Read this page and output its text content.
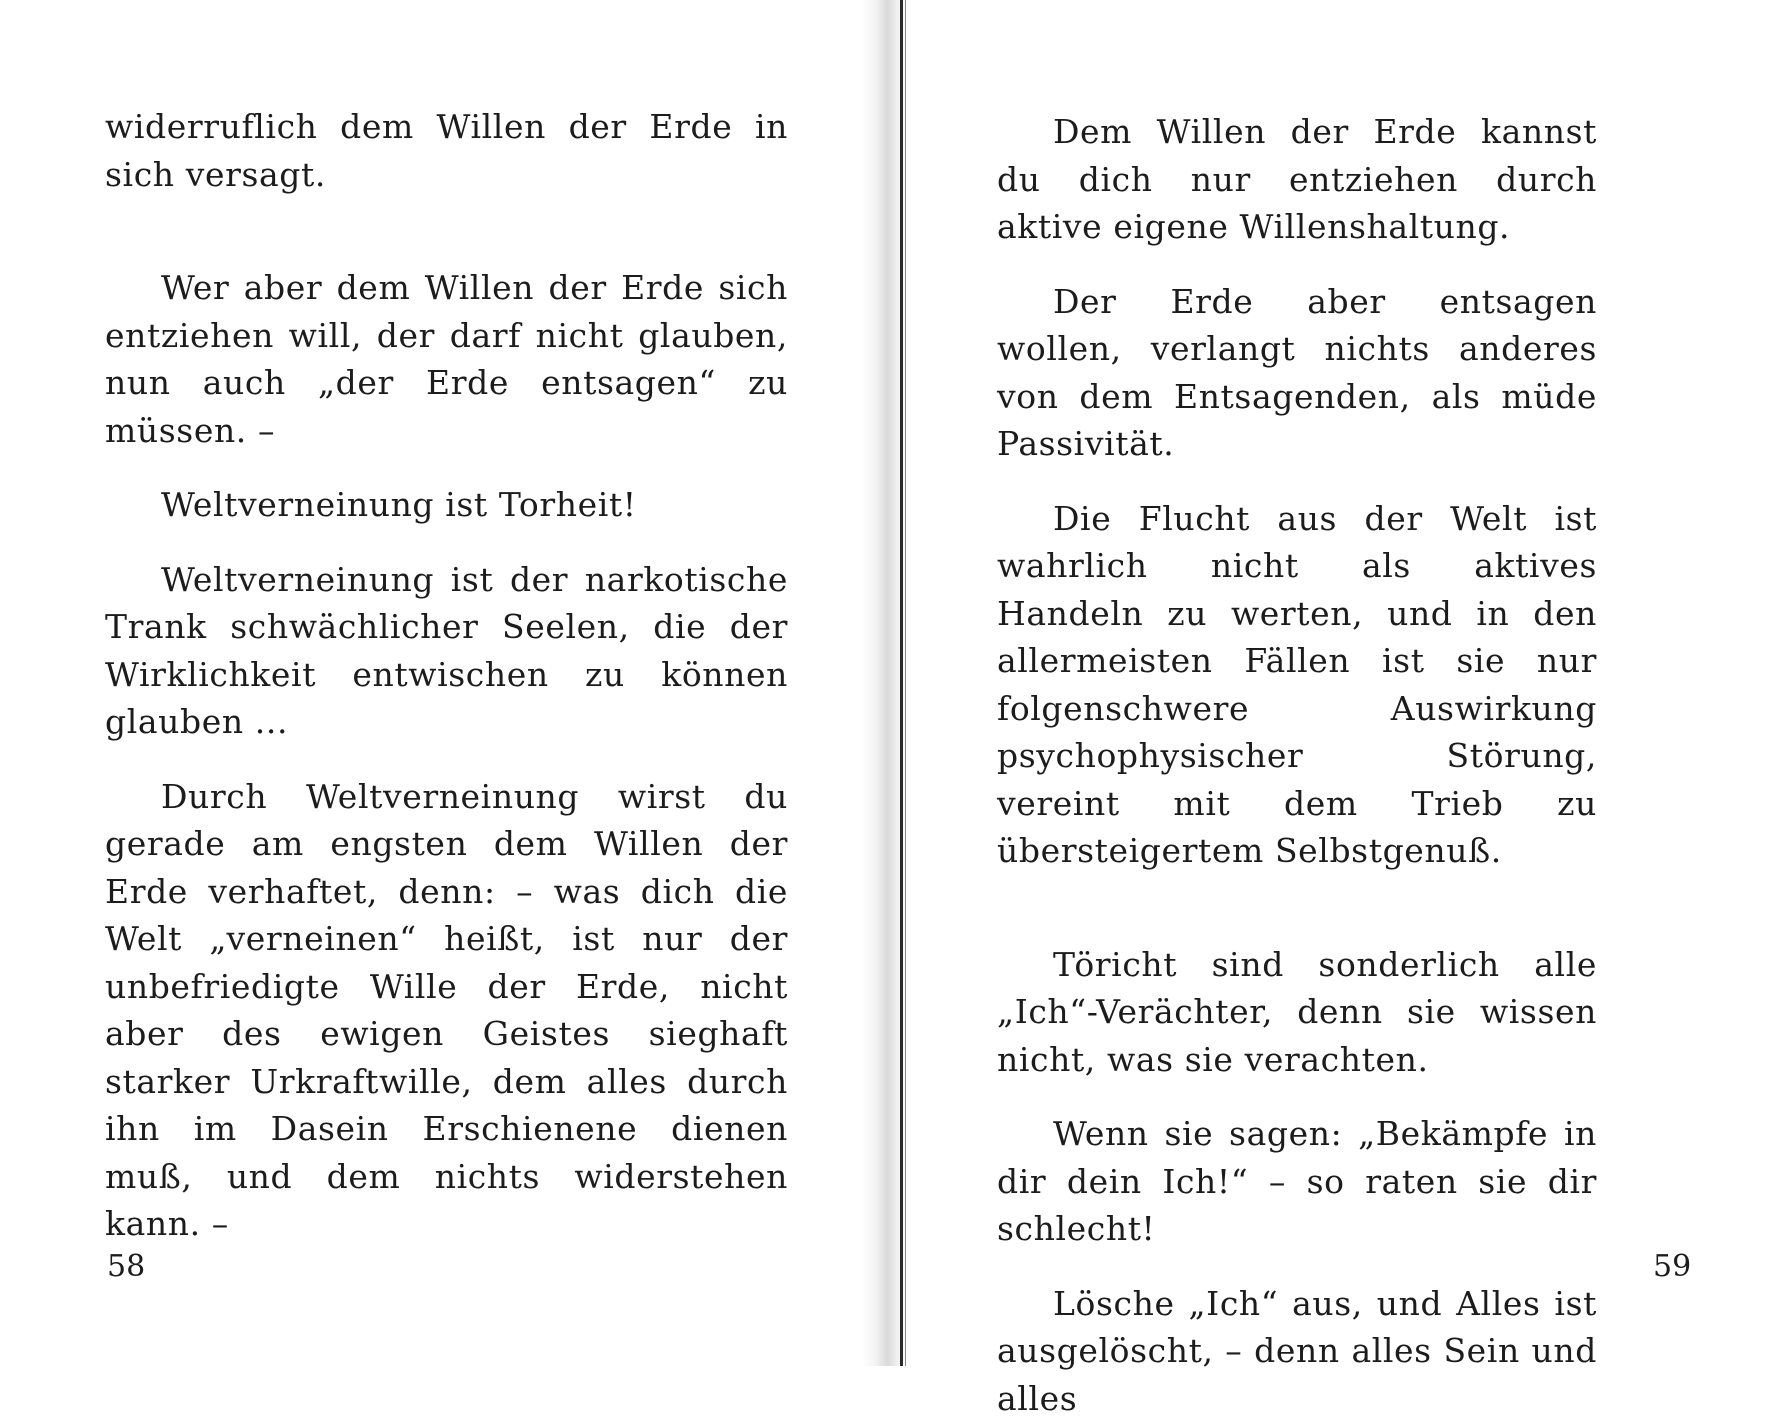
widerruflich dem Willen der Erde in sich versagt.

Wer aber dem Willen der Erde sich entziehen will, der darf nicht glauben, nun auch „der Erde entsagen“ zu müssen. –

Weltverneinung ist Torheit!

Weltverneinung ist der narkotische Trank schwächlicher Seelen, die der Wirklichkeit entwischen zu können glauben ...

Durch Weltverneinung wirst du gerade am engsten dem Willen der Erde verhaftet, denn: – was dich die Welt „verneinen“ heißt, ist nur der unbefriedigte Wille der Erde, nicht aber des ewigen Geistes sieghaft starker Urkraftwille, dem alles durch ihn im Dasein Erschienene dienen muß, und dem nichts widerstehen kann. –

58

Dem Willen der Erde kannst du dich nur entziehen durch aktive eigene Willenshaltung.

Der Erde aber entsagen wollen, verlangt nichts anderes von dem Entsagenden, als müde Passivität.

Die Flucht aus der Welt ist wahrlich nicht als aktives Handeln zu werten, und in den allermeisten Fällen ist sie nur folgenschwere Auswirkung psychophysischer Störung, vereint mit dem Trieb zu übersteigertem Selbstgenuß.

Töricht sind sonderlich alle „Ich“-Verächter, denn sie wissen nicht, was sie verachten.

Wenn sie sagen: „Bekämpfe in dir dein Ich!“ – so raten sie dir schlecht!

Lösche „Ich“ aus, und Alles ist ausgelöscht, – denn alles Sein und alles

59
